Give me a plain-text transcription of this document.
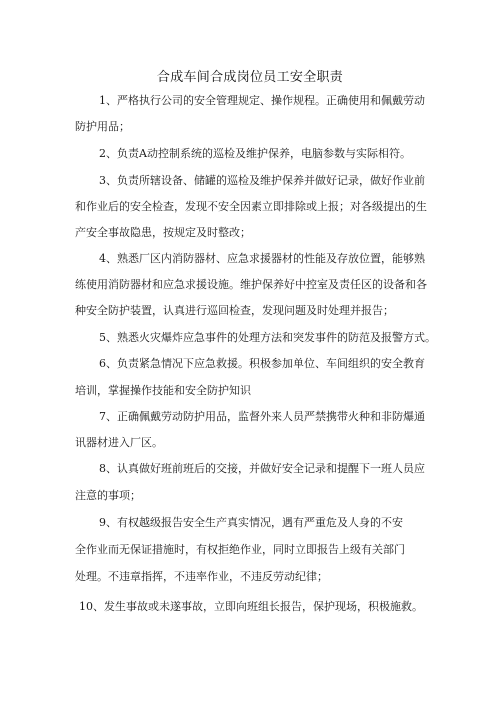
合成车间合成岗位员工安全职责
1、严格执行公司的安全管理规定、操作规程。正确使用和佩戴劳动
防护用品；
2、负责A动控制系统的巡检及维护保养，电脑参数与实际相符。
3、负责所辖设备、储罐的巡检及维护保养并做好记录，做好作业前
和作业后的安全检查，发现不安全因素立即排除或上报；对各级提出的生
产安全事故隐患，按规定及时整改；
4、熟悉厂区内消防器材、应急求援器材的性能及存放位置，能够熟
练使用消防器材和应急求援设施。维护保养好中控室及责任区的设备和各
种安全防护装置，认真进行巡回检查，发现问题及时处理并报告；
5、熟悉火灾爆炸应急事件的处理方法和突发事件的防范及报警方式。
6、负责紧急情况下应急救援。积极参加单位、车间组织的安全教育
培训，掌握操作技能和安全防护知识
7、正确佩戴劳动防护用品，监督外来人员严禁携带火种和非防爆通
讯器材进入厂区。
8、认真做好班前班后的交接，并做好安全记录和提醒下一班人员应
注意的事项；
9、有权越级报告安全生产真实情况，遇有严重危及人身的不安
全作业而无保证措施时，有权拒绝作业，同时立即报告上级有关部门
处理。不违章指挥，不违率作业，不违反劳动纪律；
10、发生事故或未遂事故，立即向班组长报告，保护现场，积极施救。
